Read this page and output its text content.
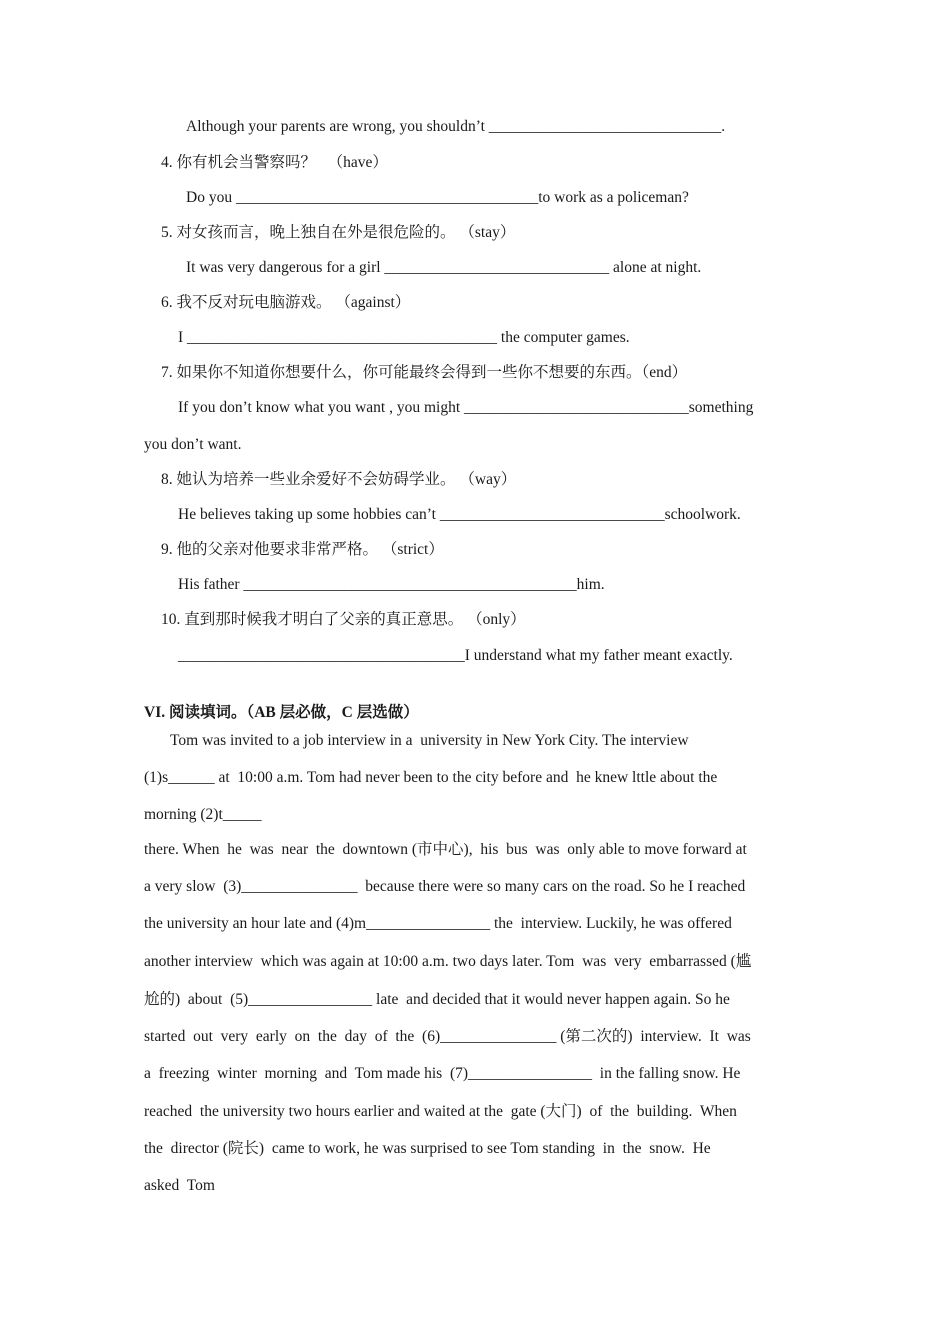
Although your parents are wrong, you shouldn’t ______________________________.
4. 你有机会当警察吗？   （have）
Do you _______________________________________to work as a policeman?
5. 对女孩而言，晚上独自在外是很危险的。 （stay）
It was very dangerous for a girl _____________________________ alone at night.
6. 我不反对玩电脑游戏。 （against）
I ________________________________________ the computer games.
7. 如果你不知道你想要什么，你可能最终会得到一些你不想要的东西。（end）
If you don’t know what you want , you might _____________________________something
you don’t want.
8. 她认为培养一些业余爱好不会妨碍学业。 （way）
He believes taking up some hobbies can’t _____________________________schoolwork.
9. 他的父亲对他要求非常严格。 （strict）
His father ___________________________________________him.
10. 直到那时候我才明白了父亲的真正意思。 （only）
_____________________________________I understand what my father meant exactly.
VI. 阅读填词。（AB 层必做，C 层选做）
Tom was invited to a job interview in a  university in New York City. The interview
(1)s______ at  10:00 a.m. Tom had never been to the city before and  he knew lttle about the
morning (2)t_____
there. When  he  was  near  the  downtown (市中心),  his  bus  was  only able to move forward at
a very slow  (3)_______________  because there were so many cars on the road. So he I reached
the university an hour late and (4)m________________ the  interview. Luckily, he was offered
another interview  which was again at 10:00 a.m. two days later. Tom  was  very  embarrassed (尴
尬的)  about  (5)________________ late  and decided that it would never happen again. So he
started  out  very  early  on  the  day  of  the  (6)_______________ (第二次的)  interview.  It  was
a  freezing  winter  morning  and  Tom made his  (7)________________  in the falling snow. He
reached  the university two hours earlier and waited at the  gate (大门)  of  the  building.  When
the  director (院长)  came to work, he was surprised to see Tom standing  in  the  snow.  He
asked  Tom
